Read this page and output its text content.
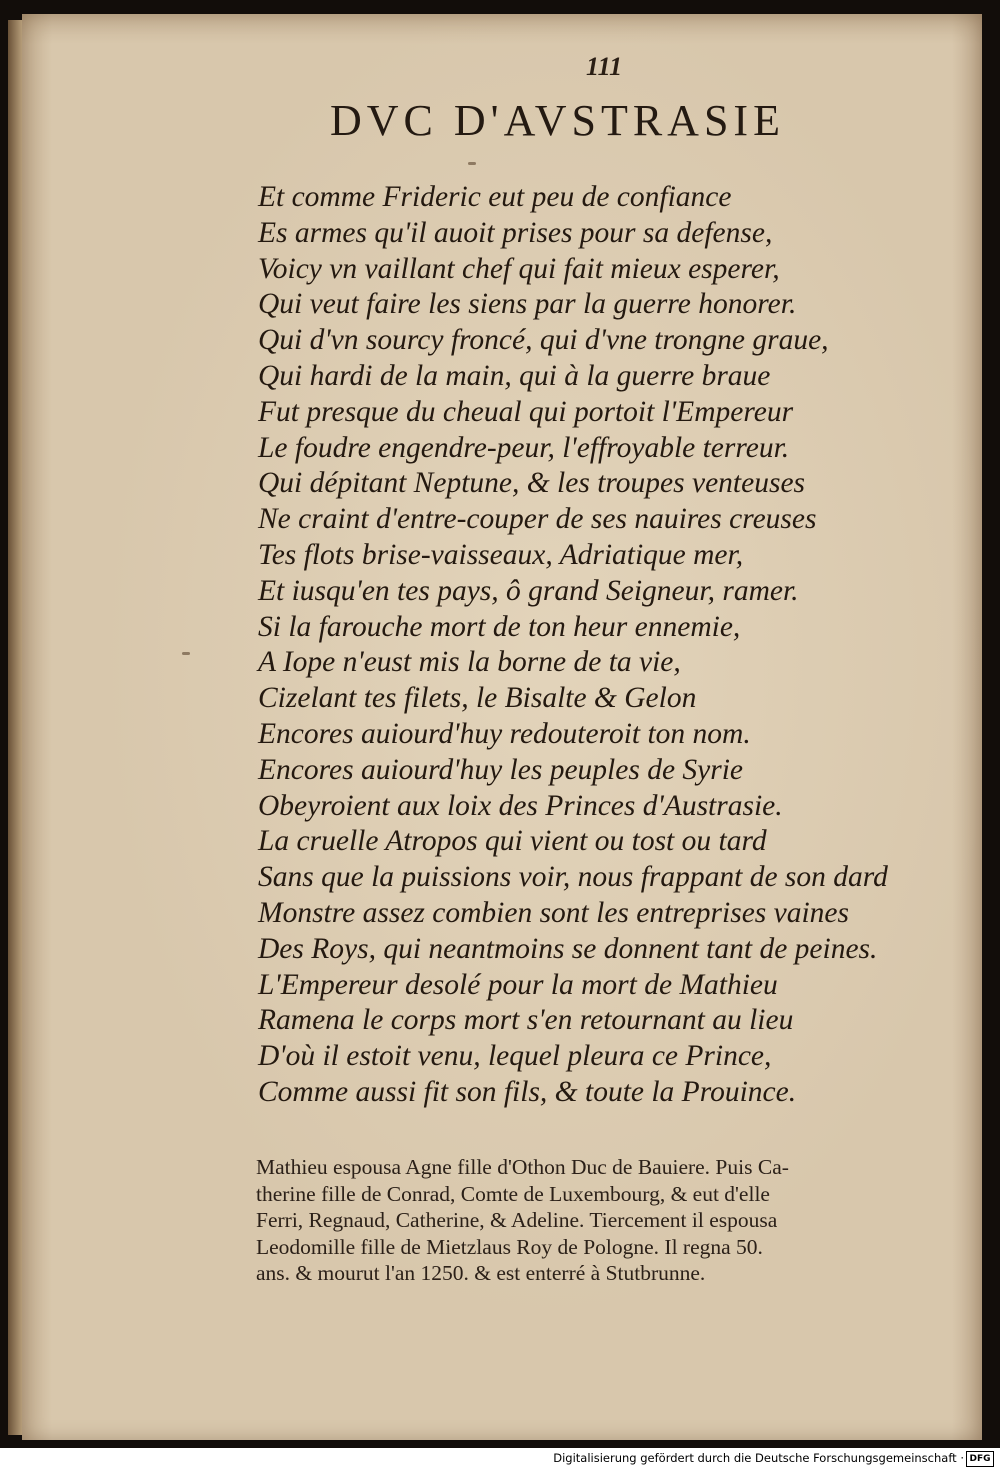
111
DVC D'AVSTRASIE
Et comme Frideric eut peu de confiance
Es armes qu'il auoit prises pour sa defense,
Voicy vn vaillant chef qui fait mieux esperer,
Qui veut faire les siens par la guerre honorer.
Qui d'vn sourcy froncé, qui d'vne trongne graue,
Qui hardi de la main, qui à la guerre braue
Fut presque du cheual qui portoit l'Empereur
Le foudre engendre-peur, l'effroyable terreur.
Qui dépitant Neptune, & les troupes venteuses
Ne craint d'entre-couper de ses nauires creuses
Tes flots brise-vaisseaux, Adriatique mer,
Et iusqu'en tes pays, ô grand Seigneur, ramer.
Si la farouche mort de ton heur ennemie,
A Iope n'eust mis la borne de ta vie,
Cizelant tes filets, le Bisalte & Gelon
Encores auiourd'huy redouteroit ton nom.
Encores auiourd'huy les peuples de Syrie
Obeyroient aux loix des Princes d'Austrasie.
La cruelle Atropos qui vient ou tost ou tard
Sans que la puissions voir, nous frappant de son dard
Monstre assez combien sont les entreprises vaines
Des Roys, qui neantmoins se donnent tant de peines.
L'Empereur desolé pour la mort de Mathieu
Ramena le corps mort s'en retournant au lieu
D'où il estoit venu, lequel pleura ce Prince,
Comme aussi fit son fils, & toute la Prouince.
Mathieu espousa Agne fille d'Othon Duc de Bauiere. Puis Ca-
therine fille de Conrad, Comte de Luxembourg, & eut d'elle
Ferri, Regnaud, Catherine, & Adeline. Tiercement il espousa
Leodomille fille de Mietzlaus Roy de Pologne. Il regna 50.
ans. & mourut l'an 1250. & est enterré à Stutbrunne.
Digitalisierung gefördert durch die Deutsche Forschungsgemeinschaft · DFG
